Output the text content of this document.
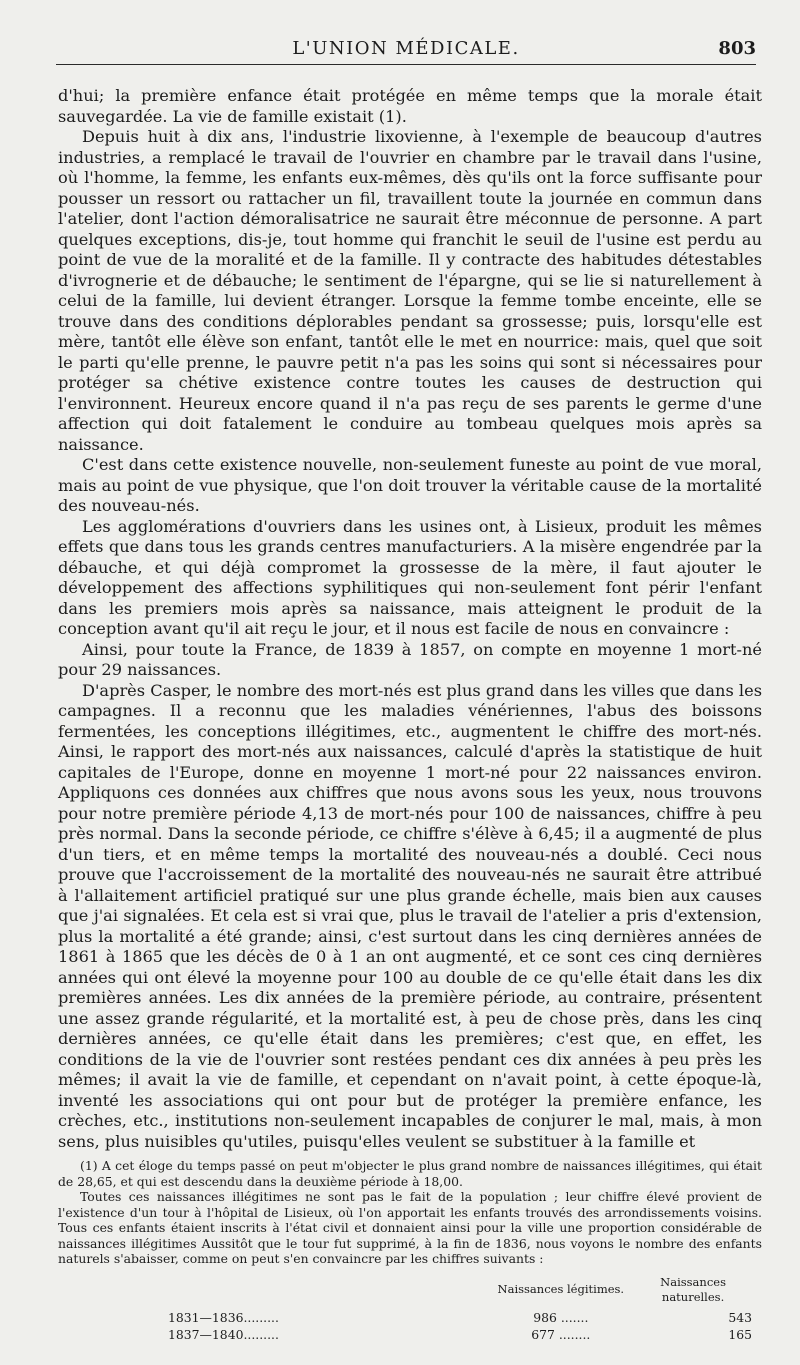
L'UNION MÉDICALE.	803

d'hui; la première enfance était protégée en même temps que la morale était sauvegardée. La vie de famille existait (1).

Depuis huit à dix ans, l'industrie lixovienne, à l'exemple de beaucoup d'autres industries, a remplacé le travail de l'ouvrier en chambre par le travail dans l'usine, où l'homme, la femme, les enfants eux-mêmes, dès qu'ils ont la force suffisante pour pousser un ressort ou rattacher un fil, travaillent toute la journée en commun dans l'atelier, dont l'action démoralisatrice ne saurait être méconnue de personne. A part quelques exceptions, dis-je, tout homme qui franchit le seuil de l'usine est perdu au point de vue de la moralité et de la famille. Il y contracte des habitudes détestables d'ivrognerie et de débauche; le sentiment de l'épargne, qui se lie si naturellement à celui de la famille, lui devient étranger. Lorsque la femme tombe enceinte, elle se trouve dans des conditions déplorables pendant sa grossesse; puis, lorsqu'elle est mère, tantôt elle élève son enfant, tantôt elle le met en nourrice: mais, quel que soit le parti qu'elle prenne, le pauvre petit n'a pas les soins qui sont si nécessaires pour protéger sa chétive existence contre toutes les causes de destruction qui l'environnent. Heureux encore quand il n'a pas reçu de ses parents le germe d'une affection qui doit fatalement le conduire au tombeau quelques mois après sa naissance.

C'est dans cette existence nouvelle, non-seulement funeste au point de vue moral, mais au point de vue physique, que l'on doit trouver la véritable cause de la mortalité des nouveau-nés.

Les agglomérations d'ouvriers dans les usines ont, à Lisieux, produit les mêmes effets que dans tous les grands centres manufacturiers. A la misère engendrée par la débauche, et qui déjà compromet la grossesse de la mère, il faut ajouter le développement des affections syphilitiques qui non-seulement font périr l'enfant dans les premiers mois après sa naissance, mais atteignent le produit de la conception avant qu'il ait reçu le jour, et il nous est facile de nous en convaincre :

Ainsi, pour toute la France, de 1839 à 1857, on compte en moyenne 1 mort-né pour 29 naissances.

D'après Casper, le nombre des mort-nés est plus grand dans les villes que dans les campagnes. Il a reconnu que les maladies vénériennes, l'abus des boissons fermentées, les conceptions illégitimes, etc., augmentent le chiffre des mort-nés. Ainsi, le rapport des mort-nés aux naissances, calculé d'après la statistique de huit capitales de l'Europe, donne en moyenne 1 mort-né pour 22 naissances environ. Appliquons ces données aux chiffres que nous avons sous les yeux, nous trouvons pour notre première période 4,13 de mort-nés pour 100 de naissances, chiffre à peu près normal. Dans la seconde période, ce chiffre s'élève à 6,45; il a augmenté de plus d'un tiers, et en même temps la mortalité des nouveau-nés a doublé. Ceci nous prouve que l'accroissement de la mortalité des nouveau-nés ne saurait être attribué à l'allaitement artificiel pratiqué sur une plus grande échelle, mais bien aux causes que j'ai signalées. Et cela est si vrai que, plus le travail de l'atelier a pris d'extension, plus la mortalité a été grande; ainsi, c'est surtout dans les cinq dernières années de 1861 à 1865 que les décès de 0 à 1 an ont augmenté, et ce sont ces cinq dernières années qui ont élevé la moyenne pour 100 au double de ce qu'elle était dans les dix premières années. Les dix années de la première période, au contraire, présentent une assez grande régularité, et la mortalité est, à peu de chose près, dans les cinq dernières années, ce qu'elle était dans les premières; c'est que, en effet, les conditions de la vie de l'ouvrier sont restées pendant ces dix années à peu près les mêmes; il avait la vie de famille, et cependant on n'avait point, à cette époque-là, inventé les associations qui ont pour but de protéger la première enfance, les crèches, etc., institutions non-seulement incapables de conjurer le mal, mais, à mon sens, plus nuisibles qu'utiles, puisqu'elles veulent se substituer à la famille et

(1) A cet éloge du temps passé on peut m'objecter le plus grand nombre de naissances illégitimes, qui était de 28,65, et qui est descendu dans la deuxième période à 18,00.

Toutes ces naissances illégitimes ne sont pas le fait de la population ; leur chiffre élevé provient de l'existence d'un tour à l'hôpital de Lisieux, où l'on apportait les enfants trouvés des arrondissements voisins. Tous ces enfants étaient inscrits à l'état civil et donnaient ainsi pour la ville une proportion considérable de naissances illégitimes Aussitôt que le tour fut supprimé, à la fin de 1836, nous voyons le nombre des enfants naturels s'abaisser, comme on peut s'en convaincre par les chiffres suivants :

	Naissances légitimes.	Naissances naturelles.
1831—1836.........	986 .......	543
1837—1840.........	677 ........	165
